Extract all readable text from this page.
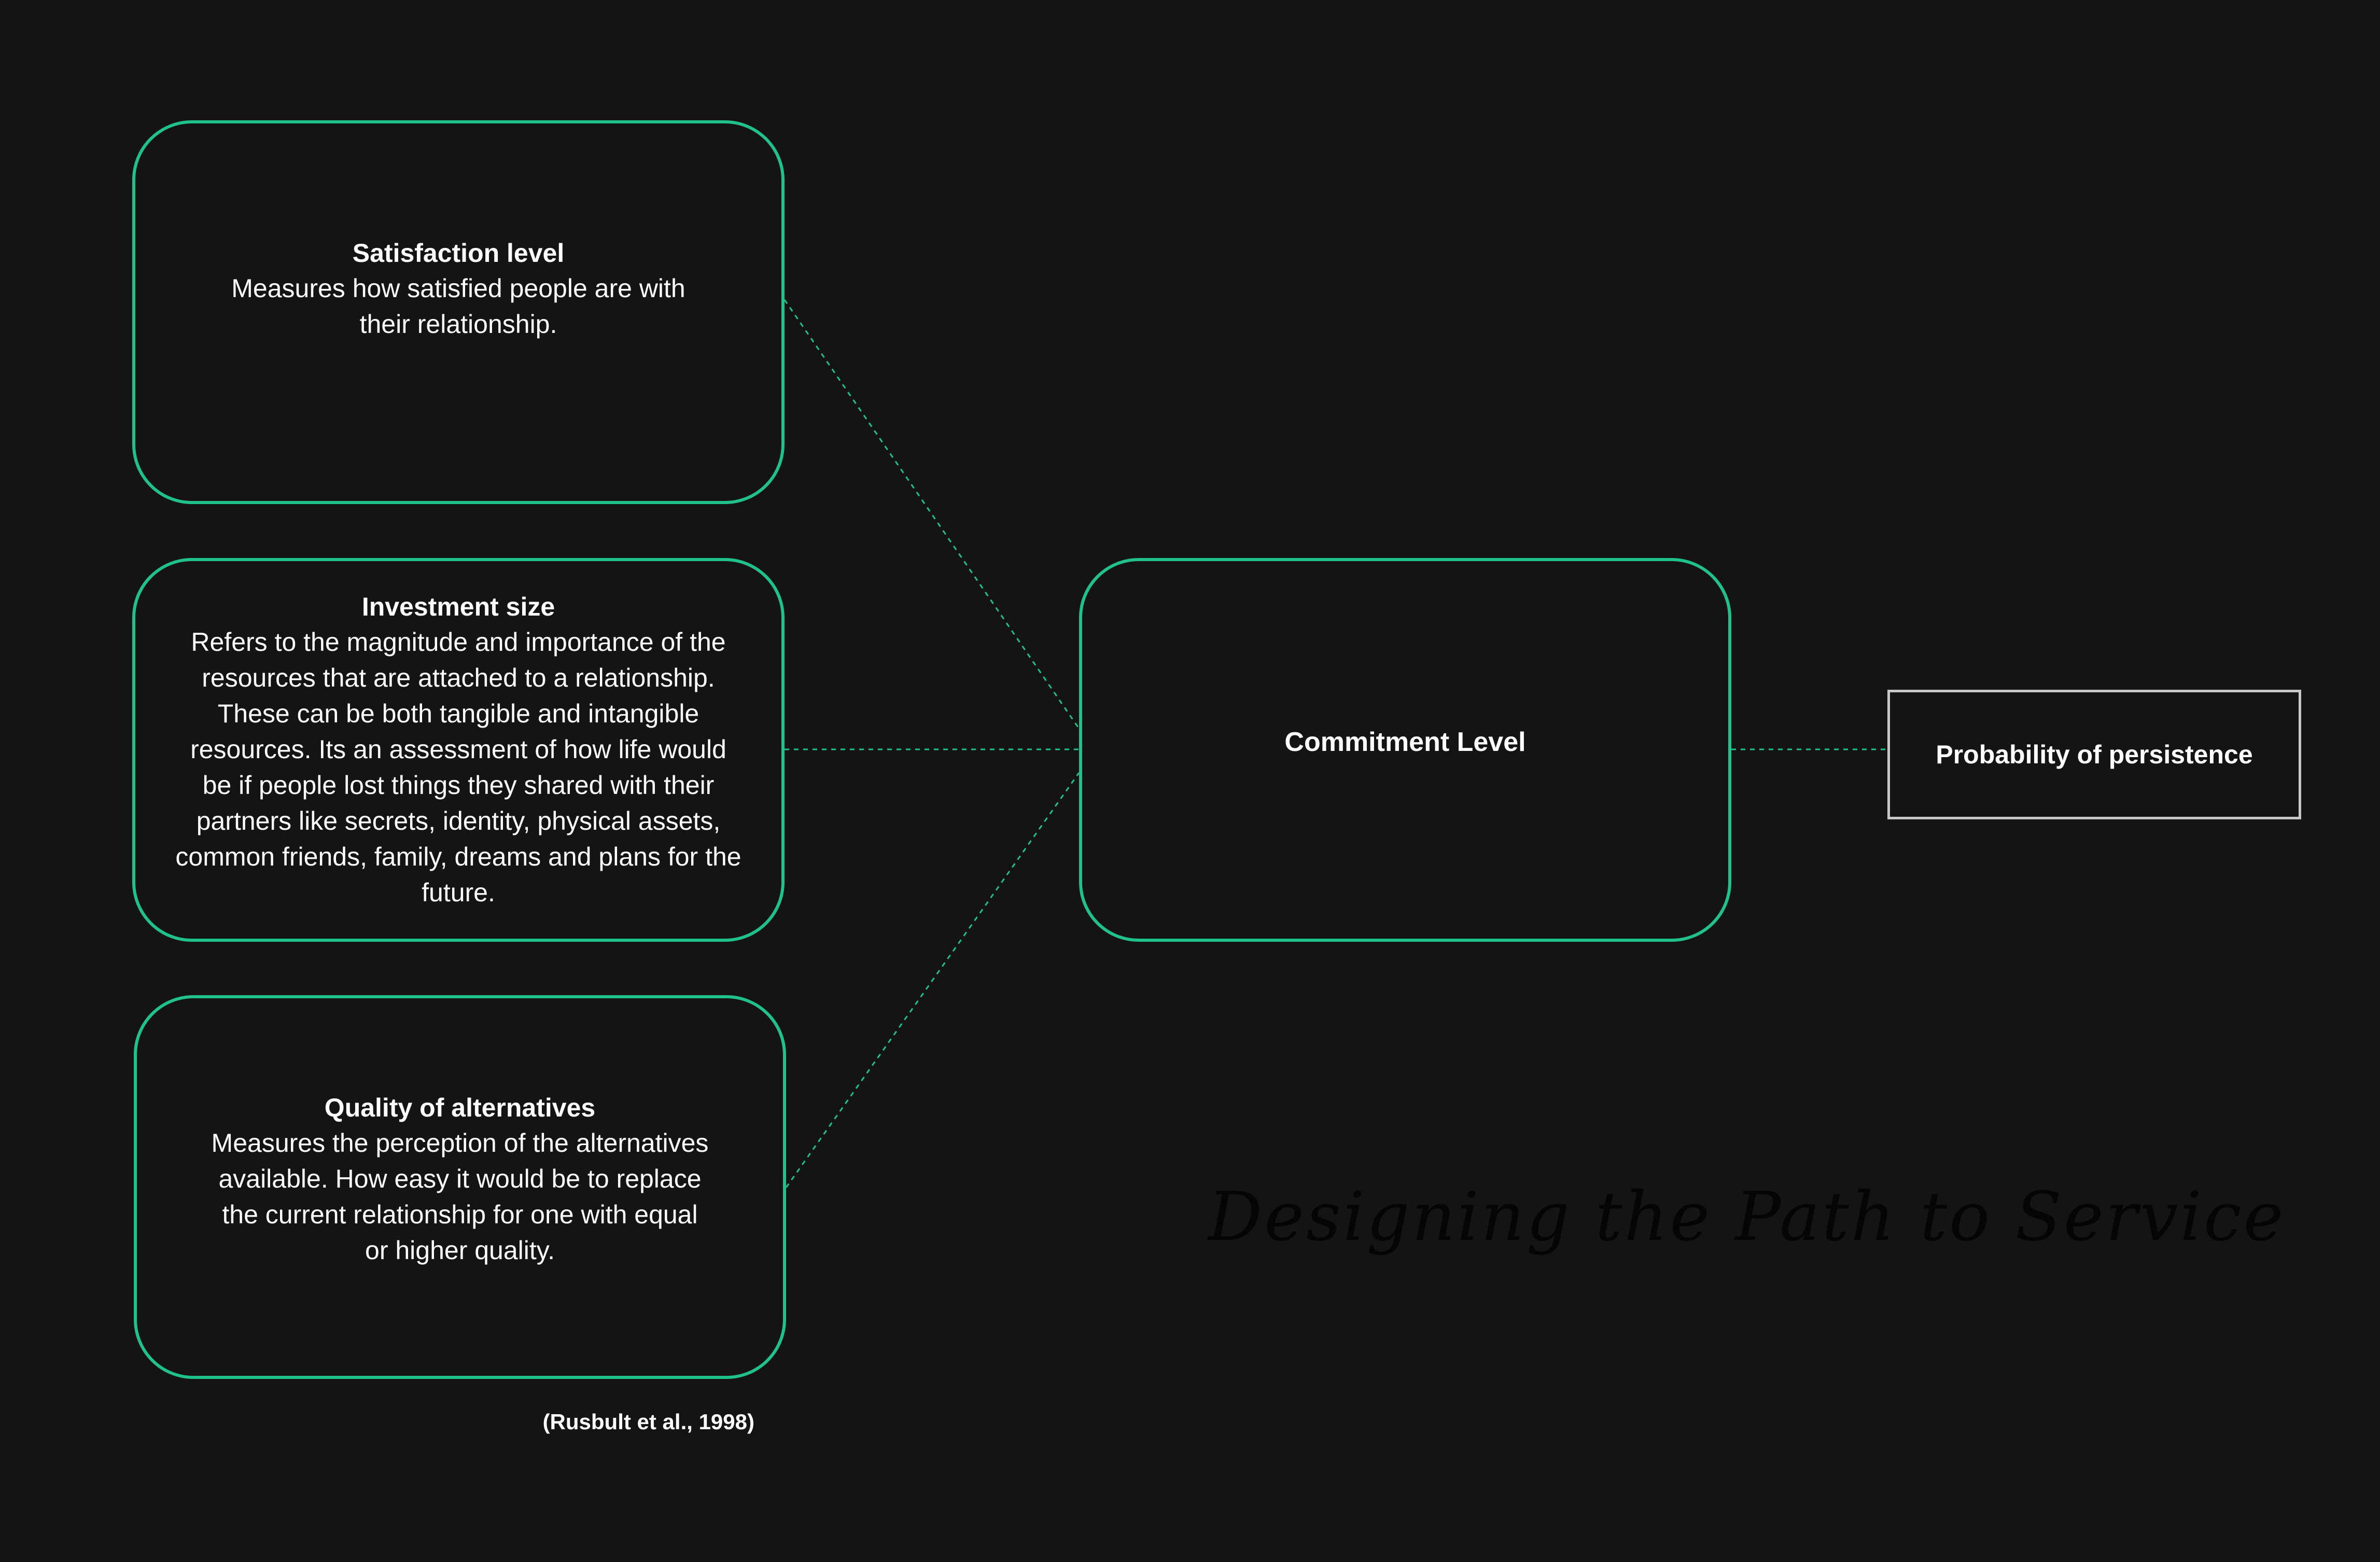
Satisfaction level
Measures how satisfied people are with their relationship.
Investment size
Refers to the magnitude and importance of the resources that are attached to a relationship. These can be both tangible and intangible resources. Its an assessment of how life would be if people lost things they shared with their partners like secrets, identity, physical assets, common friends, family, dreams and plans for the future.
Quality of alternatives
Measures the perception of the alternatives available. How easy it would be to replace the current relationship for one with equal or higher quality.
Commitment Level	Probability of persistence
(Rusbult et al., 1998)
Designing the Path to Service
